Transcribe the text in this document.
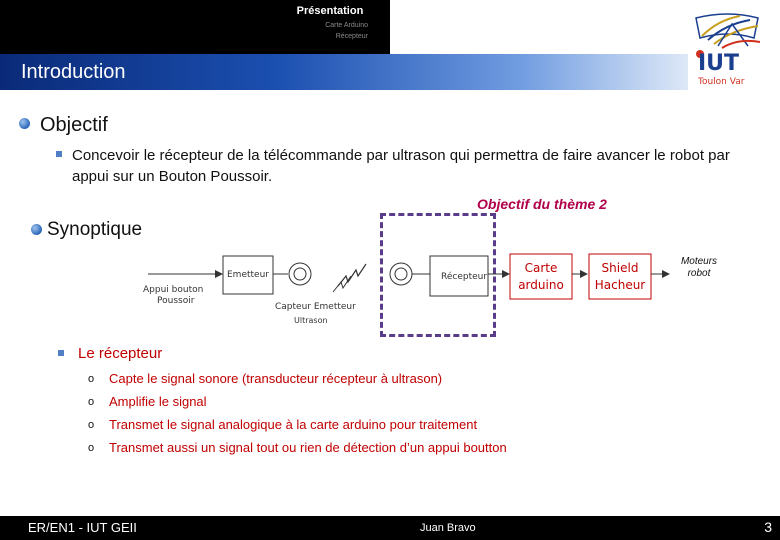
Présentation
Carte Arduino
Récepteur
Introduction	IUT
Toulon Var
Objectif
Concevoir le récepteur de la télécommande par ultrason qui permettra de faire avancer le robot par appui sur un Bouton Poussoir.
Synoptique
Objectif du thème 2
Appui bouton
Poussoir
Emetteur
Capteur Emetteur
Ultrason
Récepteur
Carte
arduino
Shield
Hacheur
Moteurs
robot
Le récepteur
o Capte le signal sonore (transducteur récepteur à ultrason)
o Amplifie le signal
o Transmet le signal analogique à la carte arduino pour traitement
o Transmet aussi un signal tout ou rien de détection d’un appui boutton
ER/EN1 - IUT GEII	Juan Bravo	3
